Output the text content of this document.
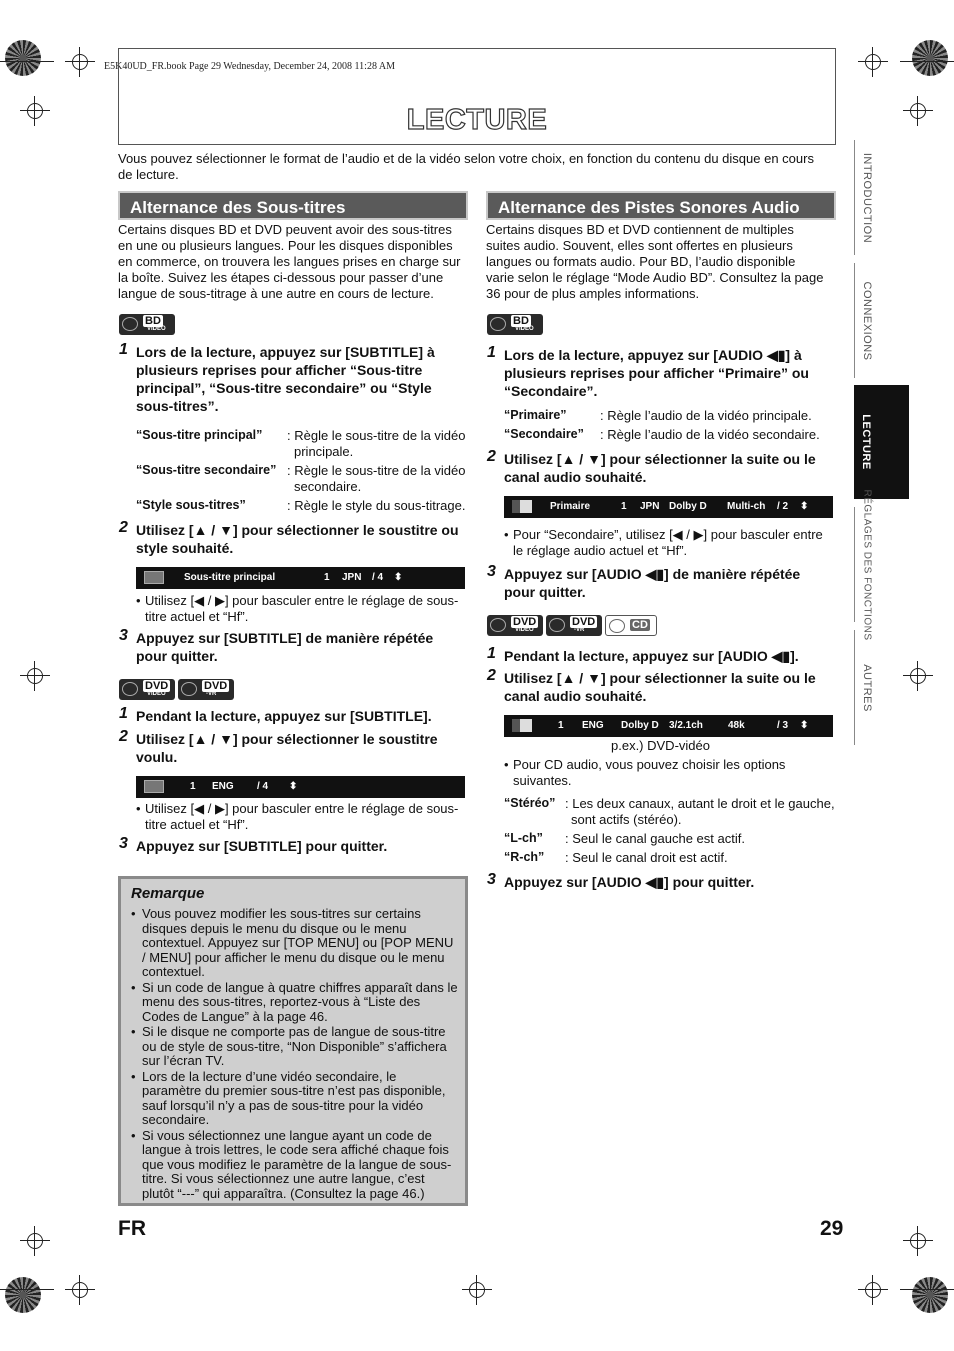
E5K40UD_FR.book Page 29 Wednesday, December 24, 2008 11:28 AM
LECTURE
Vous pouvez sélectionner le format de l’audio et de la vidéo selon votre choix, en fonction du contenu du disque en cours de lecture.
Alternance des Sous-titres
Certains disques BD et DVD peuvent avoir des sous-titres en une ou plusieurs langues. Pour les disques disponibles en commerce, on trouvera les langues prises en charge sur la boîte. Suivez les étapes ci-dessous pour passer d’une langue de sous-titrage à une autre en cours de lecture.
BD
VIDEO
1 Lors de la lecture, appuyez sur [SUBTITLE] à plusieurs reprises pour afficher “Sous-titre principal”, “Sous-titre secondaire” ou “Style sous-titres”.
“Sous-titre principal” : Règle le sous-titre de la vidéo principale.
“Sous-titre secondaire” : Règle le sous-titre de la vidéo secondaire.
“Style sous-titres”	: Règle le style du sous-titrage.
2 Utilisez [▲ / ▼] pour sélectionner le soustitre ou style souhaité.
Sous-titre principal	1 JPN / 4 ⬍
• Utilisez [◀ / ▶] pour basculer entre le réglage de sous-titre actuel et “Hf”.
3 Appuyez sur [SUBTITLE] de manière répétée pour quitter.
DVD
VIDEO
DVD
-VR
1 Pendant la lecture, appuyez sur [SUBTITLE].
2 Utilisez [▲ / ▼] pour sélectionner le soustitre voulu.
1 ENG / 4 ⬍
• Utilisez [◀ / ▶] pour basculer entre le réglage de sous-titre actuel et “Hf”.
3 Appuyez sur [SUBTITLE] pour quitter.
Remarque
• Vous pouvez modifier les sous-titres sur certains disques depuis le menu du disque ou le menu contextuel. Appuyez sur [TOP MENU] ou [POP MENU / MENU] pour afficher le menu du disque ou le menu contextuel.
• Si un code de langue à quatre chiffres apparaît dans le menu des sous-titres, reportez-vous à “Liste des Codes de Langue” à la page 46.
• Si le disque ne comporte pas de langue de sous-titre ou de style de sous-titre, “Non Disponible” s’affichera sur l’écran TV.
• Lors de la lecture d’une vidéo secondaire, le paramètre du premier sous-titre n’est pas disponible, sauf lorsqu’il n’y a pas de sous-titre pour la vidéo secondaire.
• Si vous sélectionnez une langue ayant un code de langue à trois lettres, le code sera affiché chaque fois que vous modifiez le paramètre de la langue de sous-titre. Si vous sélectionnez une autre langue, c’est plutôt “---” qui apparaîtra. (Consultez la page 46.)
Alternance des Pistes Sonores Audio
Certains disques BD et DVD contiennent de multiples suites audio. Souvent, elles sont offertes en plusieurs langues ou formats audio. Pour BD, l’audio disponible varie selon le réglage “Mode Audio BD”. Consultez la page 36 pour de plus amples informations.
BD
VIDEO
1 Lors de la lecture, appuyez sur [AUDIO ◀▮] à plusieurs reprises pour afficher “Primaire” ou “Secondaire”.
“Primaire”	: Règle l’audio de la vidéo principale.
“Secondaire” : Règle l’audio de la vidéo secondaire.
2 Utilisez [▲ / ▼] pour sélectionner la suite ou le canal audio souhaité.
Primaire	1 JPN Dolby D Multi-ch / 2 ⬍
• Pour “Secondaire”, utilisez [◀ / ▶] pour basculer entre le réglage audio actuel et “Hf”.
3 Appuyez sur [AUDIO ◀▮] de manière répétée pour quitter.
DVD
VIDEO
DVD
-VR	CD
1 Pendant la lecture, appuyez sur [AUDIO ◀▮].
2 Utilisez [▲ / ▼] pour sélectionner la suite ou le canal audio souhaité.
1 ENG Dolby D 3/2.1ch	48k	/ 3 ⬍
p.ex.) DVD-vidéo
• Pour CD audio, vous pouvez choisir les options suivantes.
“Stéréo” : Les deux canaux, autant le droit et le gauche, sont actifs (stéréo).
“L-ch” : Seul le canal gauche est actif.
“R-ch” : Seul le canal droit est actif.
3 Appuyez sur [AUDIO ◀▮] pour quitter.
INTRODUCTION
CONNEXIONS
LECTURE
RÉGLAGES DES FONCTIONS
AUTRES
FR	29
